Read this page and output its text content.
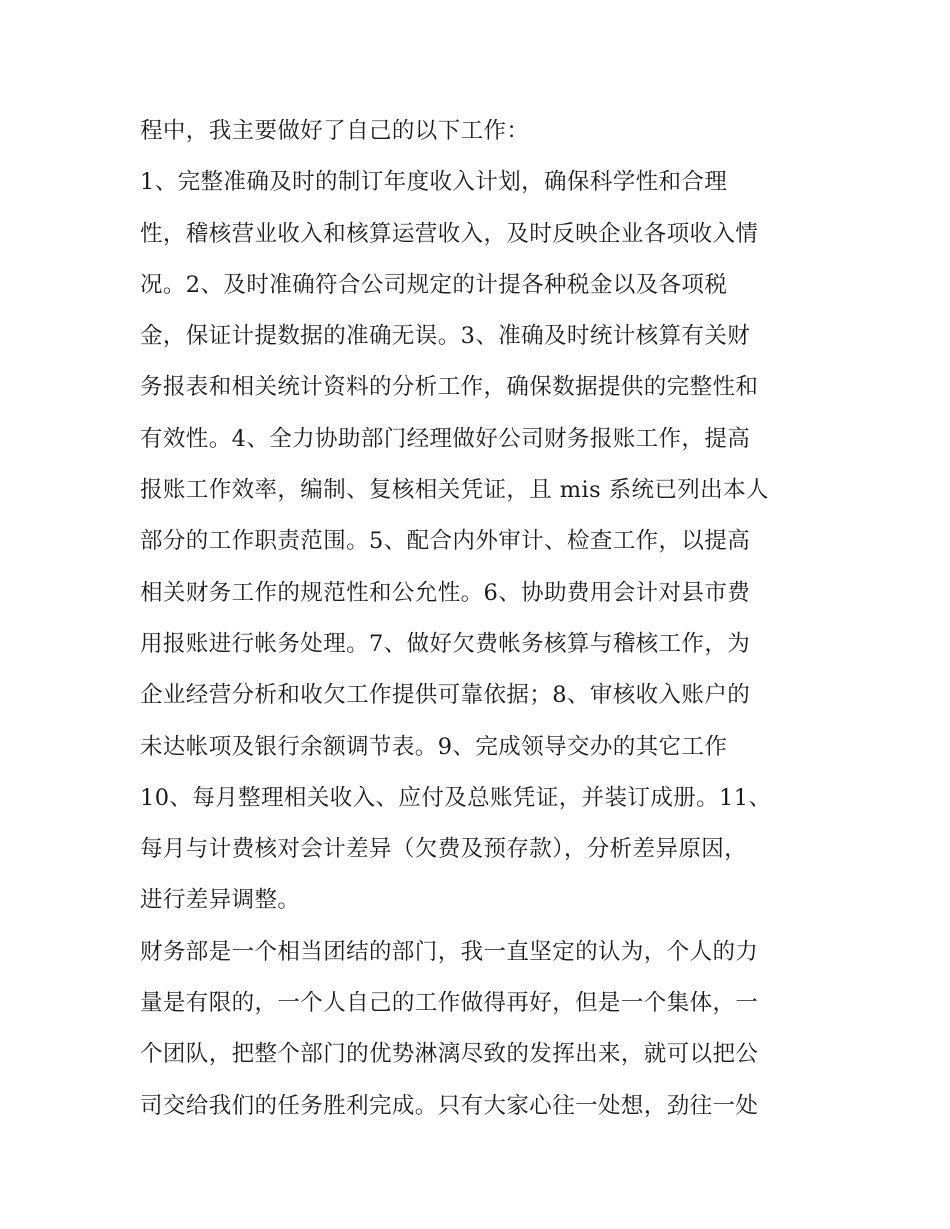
程中，我主要做好了自己的以下工作：
1、完整准确及时的制订年度收入计划，确保科学性和合理
性，稽核营业收入和核算运营收入，及时反映企业各项收入情
况。2、及时准确符合公司规定的计提各种税金以及各项税
金，保证计提数据的准确无误。3、准确及时统计核算有关财
务报表和相关统计资料的分析工作，确保数据提供的完整性和
有效性。4、全力协助部门经理做好公司财务报账工作，提高
报账工作效率，编制、复核相关凭证，且 mis 系统已列出本人
部分的工作职责范围。5、配合内外审计、检查工作，以提高
相关财务工作的规范性和公允性。6、协助费用会计对县市费
用报账进行帐务处理。7、做好欠费帐务核算与稽核工作，为
企业经营分析和收欠工作提供可靠依据；8、审核收入账户的
未达帐项及银行余额调节表。9、完成领导交办的其它工作
10、每月整理相关收入、应付及总账凭证，并装订成册。11、
每月与计费核对会计差异（欠费及预存款），分析差异原因，
进行差异调整。
财务部是一个相当团结的部门，我一直坚定的认为，个人的力
量是有限的，一个人自己的工作做得再好，但是一个集体，一
个团队，把整个部门的优势淋漓尽致的发挥出来，就可以把公
司交给我们的任务胜利完成。只有大家心往一处想，劲往一处
